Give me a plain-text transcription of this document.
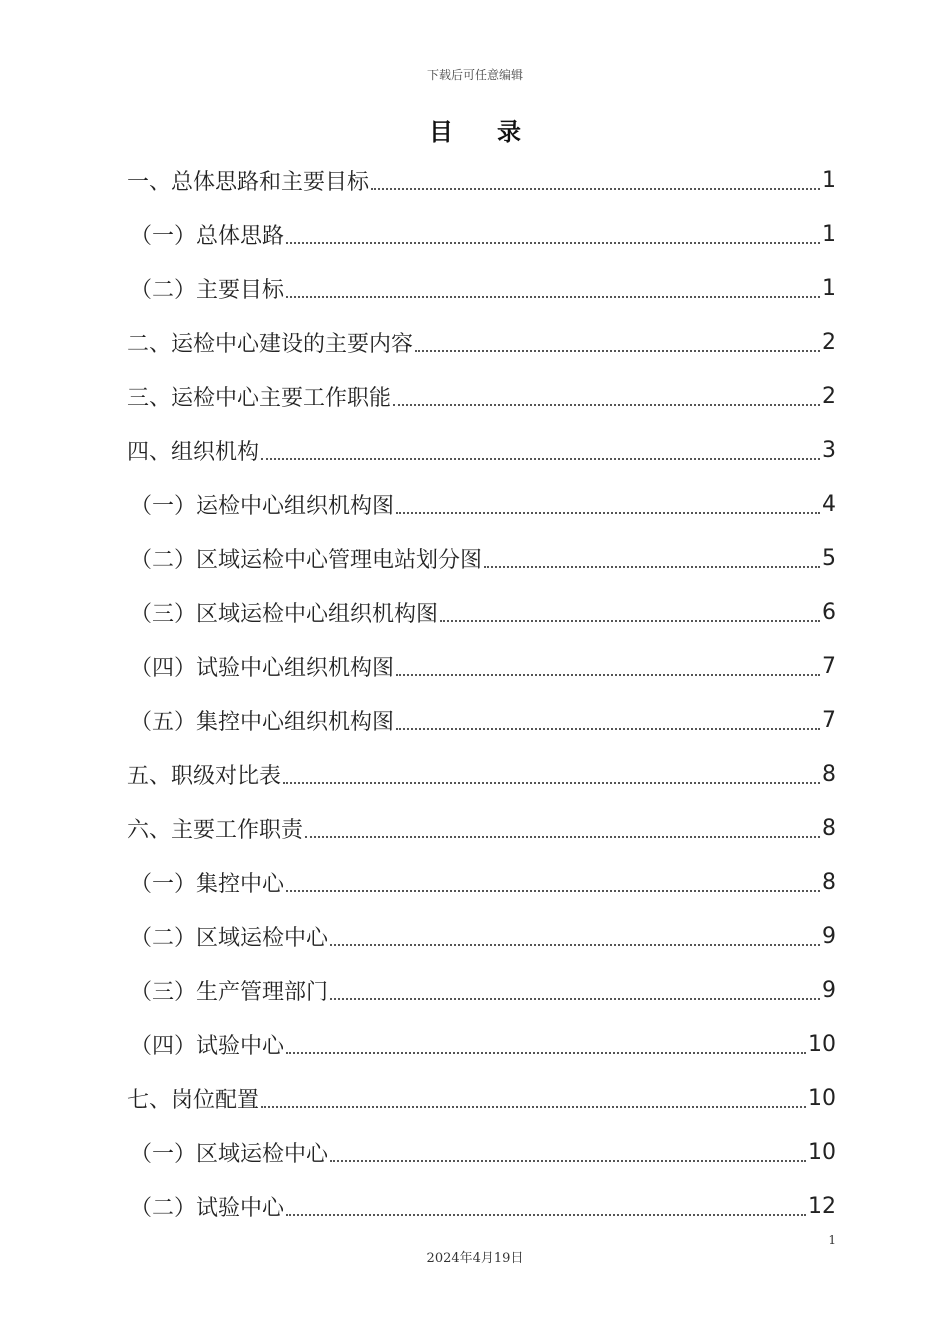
下载后可任意编辑
目录
一、总体思路和主要目标	1
（一）总体思路	1
（二）主要目标	1
二、运检中心建设的主要内容	2
三、运检中心主要工作职能	2
四、组织机构	3
（一）运检中心组织机构图	4
（二）区域运检中心管理电站划分图	5
（三）区域运检中心组织机构图	6
（四）试验中心组织机构图	7
（五）集控中心组织机构图	7
五、职级对比表	8
六、主要工作职责	8
（一）集控中心	8
（二）区域运检中心	9
（三）生产管理部门	9
（四）试验中心	10
七、岗位配置	10
（一）区域运检中心	10
（二）试验中心	12
1
2024年4月19日
